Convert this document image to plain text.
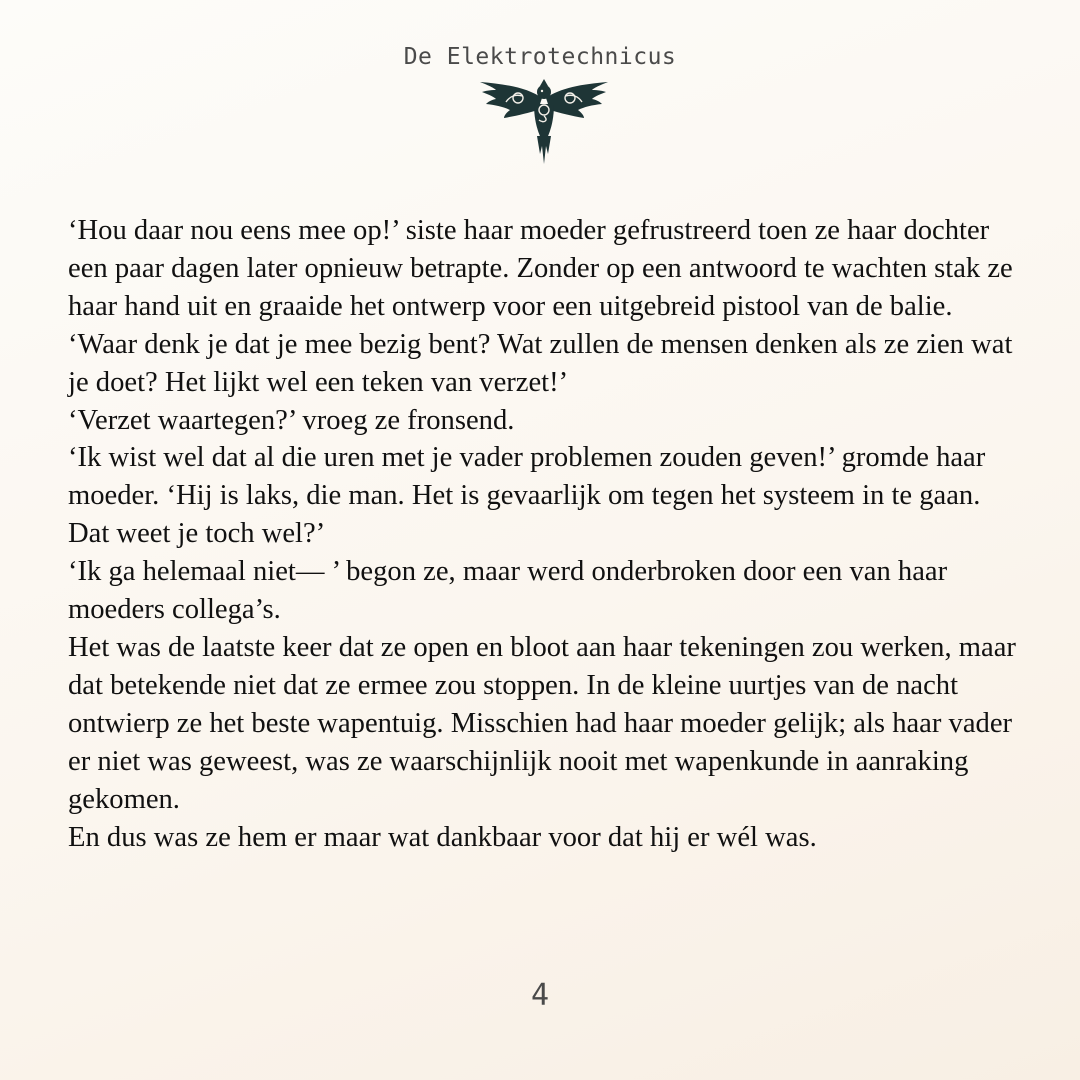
De Elektrotechnicus

‘Hou daar nou eens mee op!’ siste haar moeder gefrustreerd toen ze haar dochter een paar dagen later opnieuw betrapte. Zonder op een antwoord te wachten stak ze haar hand uit en graaide het ontwerp voor een uitgebreid pistool van de balie.

‘Waar denk je dat je mee bezig bent? Wat zullen de mensen denken als ze zien wat je doet? Het lijkt wel een teken van verzet!’

‘Verzet waartegen?’ vroeg ze fronsend.

‘Ik wist wel dat al die uren met je vader problemen zouden geven!’ gromde haar moeder. ‘Hij is laks, die man. Het is gevaarlijk om tegen het systeem in te gaan. Dat weet je toch wel?’

‘Ik ga helemaal niet— ’ begon ze, maar werd onderbroken door een van haar moeders collega’s.

Het was de laatste keer dat ze open en bloot aan haar tekeningen zou werken, maar dat betekende niet dat ze ermee zou stoppen. In de kleine uurtjes van de nacht ontwierp ze het beste wapentuig. Misschien had haar moeder gelijk; als haar vader er niet was geweest, was ze waarschijnlijk nooit met wapenkunde in aanraking gekomen.

En dus was ze hem er maar wat dankbaar voor dat hij er wél was.

4
